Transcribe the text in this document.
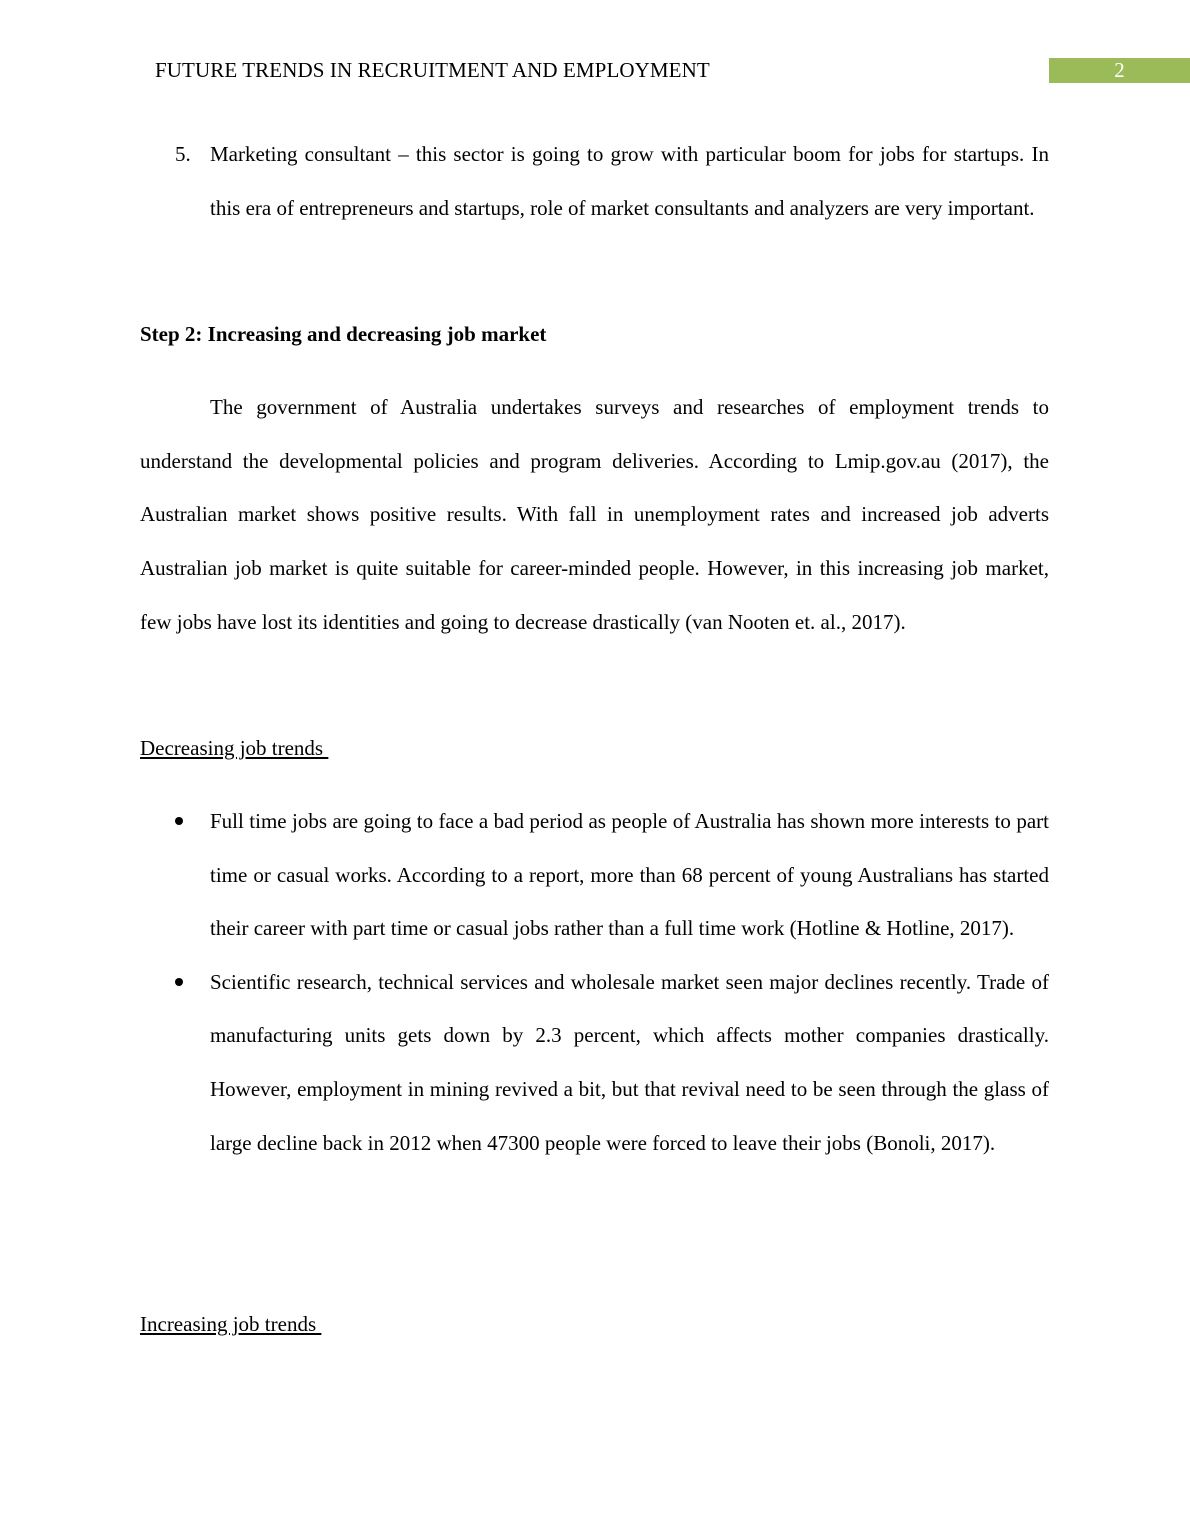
FUTURE TRENDS IN RECRUITMENT AND EMPLOYMENT	2
5. Marketing consultant – this sector is going to grow with particular boom for jobs for startups. In this era of entrepreneurs and startups, role of market consultants and analyzers are very important.
Step 2: Increasing and decreasing job market
The government of Australia undertakes surveys and researches of employment trends to understand the developmental policies and program deliveries. According to Lmip.gov.au (2017), the Australian market shows positive results. With fall in unemployment rates and increased job adverts Australian job market is quite suitable for career-minded people. However, in this increasing job market, few jobs have lost its identities and going to decrease drastically (van Nooten et. al., 2017).
Decreasing job trends
Full time jobs are going to face a bad period as people of Australia has shown more interests to part time or casual works. According to a report, more than 68 percent of young Australians has started their career with part time or casual jobs rather than a full time work (Hotline & Hotline, 2017).
Scientific research, technical services and wholesale market seen major declines recently. Trade of manufacturing units gets down by 2.3 percent, which affects mother companies drastically. However, employment in mining revived a bit, but that revival need to be seen through the glass of large decline back in 2012 when 47300 people were forced to leave their jobs (Bonoli, 2017).
Increasing job trends
